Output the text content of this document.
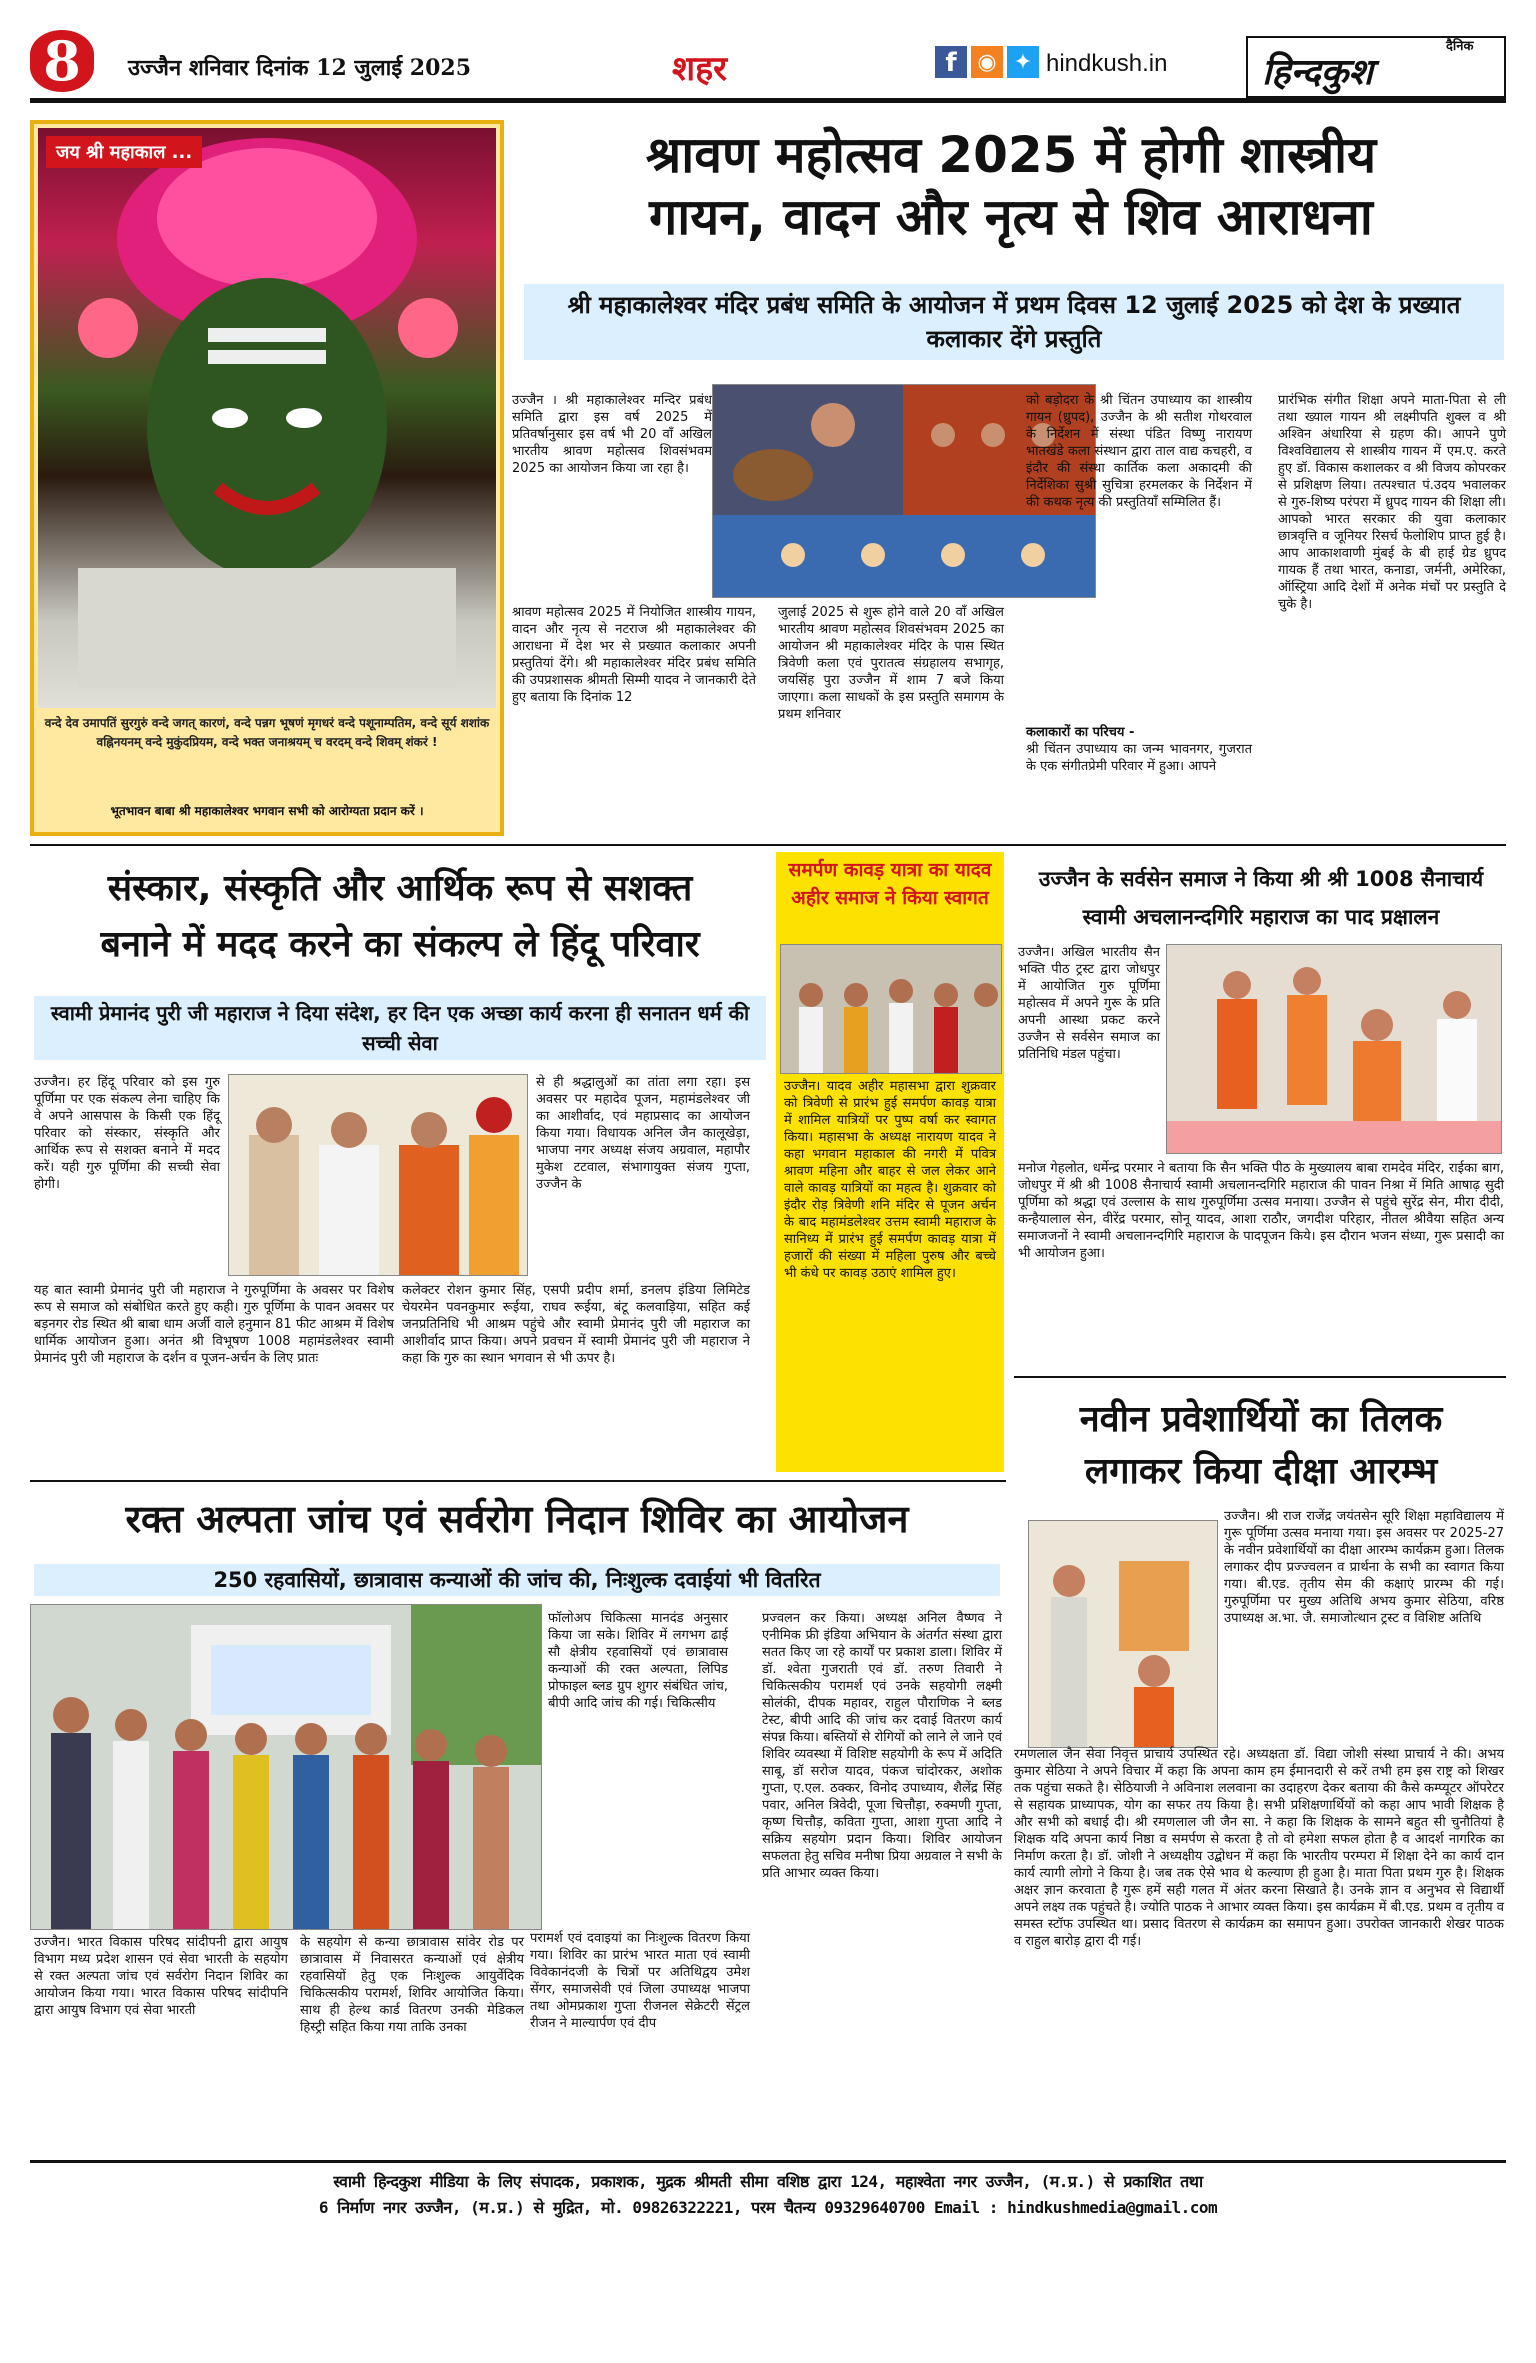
8	उज्जैन शनिवार दिनांक 12 जुलाई 2025	शहर	f ◉ ✦ hindkush.in
दैनिक
हिन्दकुश
जय श्री महाकाल ...
वन्दे देव उमापतिं सुरगुरुं वन्दे जगत् कारणं, वन्दे पन्नग भूषणं मृगधरं वन्दे पशूनाम्पतिम, वन्दे सूर्य शशांक वह्निनयनम् वन्दे मुकुंदप्रियम, वन्दे भक्त जनाश्रयम् च वरदम् वन्दे शिवम् शंकरं !
भूतभावन बाबा श्री महाकालेश्वर भगवान सभी को आरोग्यता प्रदान करें ।
श्रावण महोत्सव 2025 में होगी शास्त्रीय
गायन, वादन और नृत्य से शिव आराधना
श्री महाकालेश्वर मंदिर प्रबंध समिति के आयोजन में प्रथम दिवस 12 जुलाई 2025 को देश के प्रख्यात कलाकार देंगे प्रस्तुति
उज्जैन । श्री महाकालेश्वर मन्दिर प्रबंध समिति द्वारा इस वर्ष 2025 में प्रतिवर्षानुसार इस वर्ष भी 20 वाँ अखिल भारतीय श्रावण महोत्सव शिवसंभवम 2025 का आयोजन किया जा रहा है।
श्रावण महोत्सव 2025 में नियोजित शास्त्रीय गायन, वादन और नृत्य से नटराज श्री महाकालेश्वर की आराधना में देश भर से प्रख्यात कलाकार अपनी प्रस्तुतियां देंगे। श्री महाकालेश्वर मंदिर प्रबंध समिति की उपप्रशासक श्रीमती सिम्मी यादव ने जानकारी देते हुए बताया कि दिनांक 12
जुलाई 2025 से शुरू होने वाले 20 वाँ अखिल भारतीय श्रावण महोत्सव शिवसंभवम 2025 का आयोजन श्री महाकालेश्वर मंदिर के पास स्थित त्रिवेणी कला एवं पुरातत्व संग्रहालय सभागृह, जयसिंह पुरा उज्जैन में शाम 7 बजे किया जाएगा। कला साधकों के इस प्रस्तुति समागम के प्रथम शनिवार
को बड़ोदरा के श्री चिंतन उपाध्याय का शास्त्रीय गायन (ध्रुपद), उज्जैन के श्री सतीश गोथरवाल के निर्देशन में संस्था पंडित विष्णु नारायण भातखंडे कला संस्थान द्वारा ताल वाद्य कचहरी, व इंदौर की संस्था कार्तिक कला अकादमी की निर्देशिका सुश्री सुचित्रा हरमलकर के निर्देशन में की कथक नृत्य की प्रस्तुतियाँ सम्मिलित हैं।
कलाकारों का परिचय -
श्री चिंतन उपाध्याय का जन्म भावनगर, गुजरात के एक संगीतप्रेमी परिवार में हुआ। आपने
प्रारंभिक संगीत शिक्षा अपने माता-पिता से ली तथा ख्याल गायन श्री लक्ष्मीपति शुक्ल व श्री अश्विन अंधारिया से ग्रहण की। आपने पुणे विश्वविद्यालय से शास्त्रीय गायन में एम.ए. करते हुए डॉ. विकास कशालकर व श्री विजय कोपरकर से प्रशिक्षण लिया। तत्पश्चात पं.उदय भवालकर से गुरु-शिष्य परंपरा में ध्रुपद गायन की शिक्षा ली। आपको भारत सरकार की युवा कलाकार छात्रवृत्ति व जूनियर रिसर्च फेलोशिप प्राप्त हुई है। आप आकाशवाणी मुंबई के बी हाई ग्रेड ध्रुपद गायक हैं तथा भारत, कनाडा, जर्मनी, अमेरिका, ऑस्ट्रिया आदि देशों में अनेक मंचों पर प्रस्तुति दे चुके है।
संस्कार, संस्कृति और आर्थिक रूप से सशक्त
बनाने में मदद करने का संकल्प ले हिंदू परिवार
स्वामी प्रेमानंद पुरी जी महाराज ने दिया संदेश, हर दिन एक अच्छा कार्य करना ही सनातन धर्म की सच्ची सेवा
उज्जैन। हर हिंदू परिवार को इस गुरु पूर्णिमा पर एक संकल्प लेना चाहिए कि वे अपने आसपास के किसी एक हिंदू परिवार को संस्कार, संस्कृति और आर्थिक रूप से सशक्त बनाने में मदद करें। यही गुरु पूर्णिमा की सच्ची सेवा होगी।
से ही श्रद्धालुओं का तांता लगा रहा। इस अवसर पर महादेव पूजन, महामंडलेश्वर जी का आशीर्वाद, एवं महाप्रसाद का आयोजन किया गया। विधायक अनिल जैन कालूखेड़ा, भाजपा नगर अध्यक्ष संजय अग्रवाल, महापौर मुकेश टटवाल, संभागायुक्त संजय गुप्ता, उज्जैन के
यह बात स्वामी प्रेमानंद पुरी जी महाराज ने गुरुपूर्णिमा के अवसर पर विशेष रूप से समाज को संबोधित करते हुए कही। गुरु पूर्णिमा के पावन अवसर पर बड़नगर रोड स्थित श्री बाबा धाम अर्जी वाले हनुमान 81 फीट आश्रम में विशेष धार्मिक आयोजन हुआ। अनंत श्री विभूषण 1008 महामंडलेश्वर स्वामी प्रेमानंद पुरी जी महाराज के दर्शन व पूजन-अर्चन के लिए प्रातः
कलेक्टर रोशन कुमार सिंह, एसपी प्रदीप शर्मा, डनलप इंडिया लिमिटेड चेयरमेन पवनकुमार रूईया, राघव रूईया, बंटू कलवाड़िया, सहित कई जनप्रतिनिधि भी आश्रम पहुंचे और स्वामी प्रेमानंद पुरी जी महाराज का आशीर्वाद प्राप्त किया। अपने प्रवचन में स्वामी प्रेमानंद पुरी जी महाराज ने कहा कि गुरु का स्थान भगवान से भी ऊपर है।
समर्पण कावड़ यात्रा का यादव अहीर समाज ने किया स्वागत
उज्जैन। यादव अहीर महासभा द्वारा शुक्रवार को त्रिवेणी से प्रारंभ हुई समर्पण कावड़ यात्रा में शामिल यात्रियों पर पुष्प वर्षा कर स्वागत किया। महासभा के अध्यक्ष नारायण यादव ने कहा भगवान महाकाल की नगरी में पवित्र श्रावण महिना और बाहर से जल लेकर आने वाले कावड़ यात्रियों का महत्व है। शुक्रवार को इंदौर रोड़ त्रिवेणी शनि मंदिर से पूजन अर्चन के बाद महामंडलेश्वर उत्तम स्वामी महाराज के सानिध्य में प्रारंभ हुई समर्पण कावड़ यात्रा में हजारों की संख्या में महिला पुरुष और बच्चे भी कंधे पर कावड़ उठाएं शामिल हुए।
उज्जैन के सर्वसेन समाज ने किया श्री श्री 1008 सैनाचार्य
स्वामी अचलानन्दगिरि महाराज का पाद प्रक्षालन
उज्जैन। अखिल भारतीय सैन भक्ति पीठ ट्रस्ट द्वारा जोधपुर में आयोजित गुरु पूर्णिमा महोत्सव में अपने गुरू के प्रति अपनी आस्था प्रकट करने उज्जैन से सर्वसेन समाज का प्रतिनिधि मंडल पहुंचा।
मनोज गेहलोत, धर्मेन्द्र परमार ने बताया कि सैन भक्ति पीठ के मुख्यालय बाबा रामदेव मंदिर, राईका बाग, जोधपुर में श्री श्री 1008 सैनाचार्य स्वामी अचलानन्दगिरि महाराज की पावन निश्रा में मिति आषाढ़ सुदी पूर्णिमा को श्रद्धा एवं उल्लास के साथ गुरुपूर्णिमा उत्सव मनाया। उज्जैन से पहुंचे सुरेंद्र सेन, मीरा दीदी, कन्हैयालाल सेन, वीरेंद्र परमार, सोनू यादव, आशा राठौर, जगदीश परिहार, नीतल श्रीवैया सहित अन्य समाजजनों ने स्वामी अचलानन्दगिरि महाराज के पादपूजन किये। इस दौरान भजन संध्या, गुरू प्रसादी का भी आयोजन हुआ।
नवीन प्रवेशार्थियों का तिलक
लगाकर किया दीक्षा आरम्भ
उज्जैन। श्री राज राजेंद्र जयंतसेन सूरि शिक्षा महाविद्यालय में गुरू पूर्णिमा उत्सव मनाया गया। इस अवसर पर 2025-27 के नवीन प्रवेशार्थियों का दीक्षा आरम्भ कार्यक्रम हुआ। तिलक लगाकर दीप प्रज्ज्वलन व प्रार्थना के सभी का स्वागत किया गया। बी.एड. तृतीय सेम की कक्षाएं प्रारम्भ की गई। गुरुपूर्णिमा पर मुख्य अतिथि अभय कुमार सेठिया, वरिष्ठ उपाध्यक्ष अ.भा. जै. समाजोत्थान ट्रस्ट व विशिष्ट अतिथि
रमणलाल जैन सेवा निवृत्त प्राचार्य उपस्थित रहे। अध्यक्षता डॉ. विद्या जोशी संस्था प्राचार्य ने की। अभय कुमार सेठिया ने अपने विचार में कहा कि अपना काम हम ईमानदारी से करें तभी हम इस राष्ट्र को शिखर तक पहुंचा सकते है। सेठियाजी ने अविनाश ललवाना का उदाहरण देकर बताया की कैसे कम्प्यूटर ऑपरेटर से सहायक प्राध्यापक, योग का सफर तय किया है। सभी प्रशिक्षणार्थियों को कहा आप भावी शिक्षक है और सभी को बधाई दी। श्री रमणलाल जी जैन सा. ने कहा कि शिक्षक के सामने बहुत सी चुनौतियां है शिक्षक यदि अपना कार्य निष्ठा व समर्पण से करता है तो वो हमेशा सफल होता है व आदर्श नागरिक का निर्माण करता है। डॉ. जोशी ने अध्यक्षीय उद्बोधन में कहा कि भारतीय परम्परा में शिक्षा देने का कार्य दान कार्य त्यागी लोगो ने किया है। जब तक ऐसे भाव थे कल्याण ही हुआ है। माता पिता प्रथम गुरु है। शिक्षक अक्षर ज्ञान करवाता है गुरू हमें सही गलत में अंतर करना सिखाते है। उनके ज्ञान व अनुभव से विद्यार्थी अपने लक्ष्य तक पहुंचते है। ज्योति पाठक ने आभार व्यक्त किया। इस कार्यक्रम में बी.एड. प्रथम व तृतीय व समस्त स्टॉफ उपस्थित था। प्रसाद वितरण से कार्यक्रम का समापन हुआ। उपरोक्त जानकारी शेखर पाठक व राहुल बारोड़ द्वारा दी गई।
रक्त अल्पता जांच एवं सर्वरोग निदान शिविर का आयोजन
250 रहवासियों, छात्रावास कन्याओं की जांच की, निःशुल्क दवाईयां भी वितरित
उज्जैन। भारत विकास परिषद सांदीपनी द्वारा आयुष विभाग मध्य प्रदेश शासन एवं सेवा भारती के सहयोग से रक्त अल्पता जांच एवं सर्वरोग निदान शिविर का आयोजन किया गया। भारत विकास परिषद सांदीपनि द्वारा आयुष विभाग एवं सेवा भारती
के सहयोग से कन्या छात्रावास सांवेर रोड पर छात्रावास में निवासरत कन्याओं एवं क्षेत्रीय रहवासियों हेतु एक निःशुल्क आयुर्वेदिक चिकित्सकीय परामर्श, शिविर आयोजित किया। साथ ही हेल्थ कार्ड वितरण उनकी मेडिकल हिस्ट्री सहित किया गया ताकि उनका
फॉलोअप चिकित्सा मानदंड अनुसार किया जा सके। शिविर में लगभग ढाई सौ क्षेत्रीय रहवासियों एवं छात्रावास कन्याओं की रक्त अल्पता, लिपिड प्रोफाइल ब्लड ग्रुप शुगर संबंधित जांच, बीपी आदि जांच की गई। चिकित्सीय
परामर्श एवं दवाइयां का निःशुल्क वितरण किया गया। शिविर का प्रारंभ भारत माता एवं स्वामी विवेकानंदजी के चित्रों पर अतिथिद्वय उमेश सेंगर, समाजसेवी एवं जिला उपाध्यक्ष भाजपा तथा ओमप्रकाश गुप्ता रीजनल सेक्रेटरी सेंट्रल रीजन ने माल्यार्पण एवं दीप
प्रज्वलन कर किया। अध्यक्ष अनिल वैष्णव ने एनीमिक फ्री इंडिया अभियान के अंतर्गत संस्था द्वारा सतत किए जा रहे कार्यों पर प्रकाश डाला। शिविर में डॉ. श्वेता गुजराती एवं डॉ. तरुण तिवारी ने चिकित्सकीय परामर्श एवं उनके सहयोगी लक्ष्मी सोलंकी, दीपक महावर, राहुल पौराणिक ने ब्लड टेस्ट, बीपी आदि की जांच कर दवाई वितरण कार्य संपन्न किया। बस्तियों से रोगियों को लाने ले जाने एवं शिविर व्यवस्था में विशिष्ट सहयोगी के रूप में अदिति साबू, डॉ सरोज यादव, पंकज चांदोरकर, अशोक गुप्ता, ए.एल. ठक्कर, विनोद उपाध्याय, शैलेंद्र सिंह पवार, अनिल त्रिवेदी, पूजा चित्तौड़ा, रुक्मणी गुप्ता, कृष्ण चित्तौड़, कविता गुप्ता, आशा गुप्ता आदि ने सक्रिय सहयोग प्रदान किया। शिविर आयोजन सफलता हेतु सचिव मनीषा प्रिया अग्रवाल ने सभी के प्रति आभार व्यक्त किया।
स्वामी हिन्दकुश मीडिया के लिए संपादक, प्रकाशक, मुद्रक श्रीमती सीमा वशिष्ठ द्वारा 124, महाश्वेता नगर उज्जैन, (म.प्र.) से प्रकाशित तथा
6 निर्माण नगर उज्जैन, (म.प्र.) से मुद्रित, मो. 09826322221, परम चैतन्य 09329640700 Email : hindkushmedia@gmail.com
